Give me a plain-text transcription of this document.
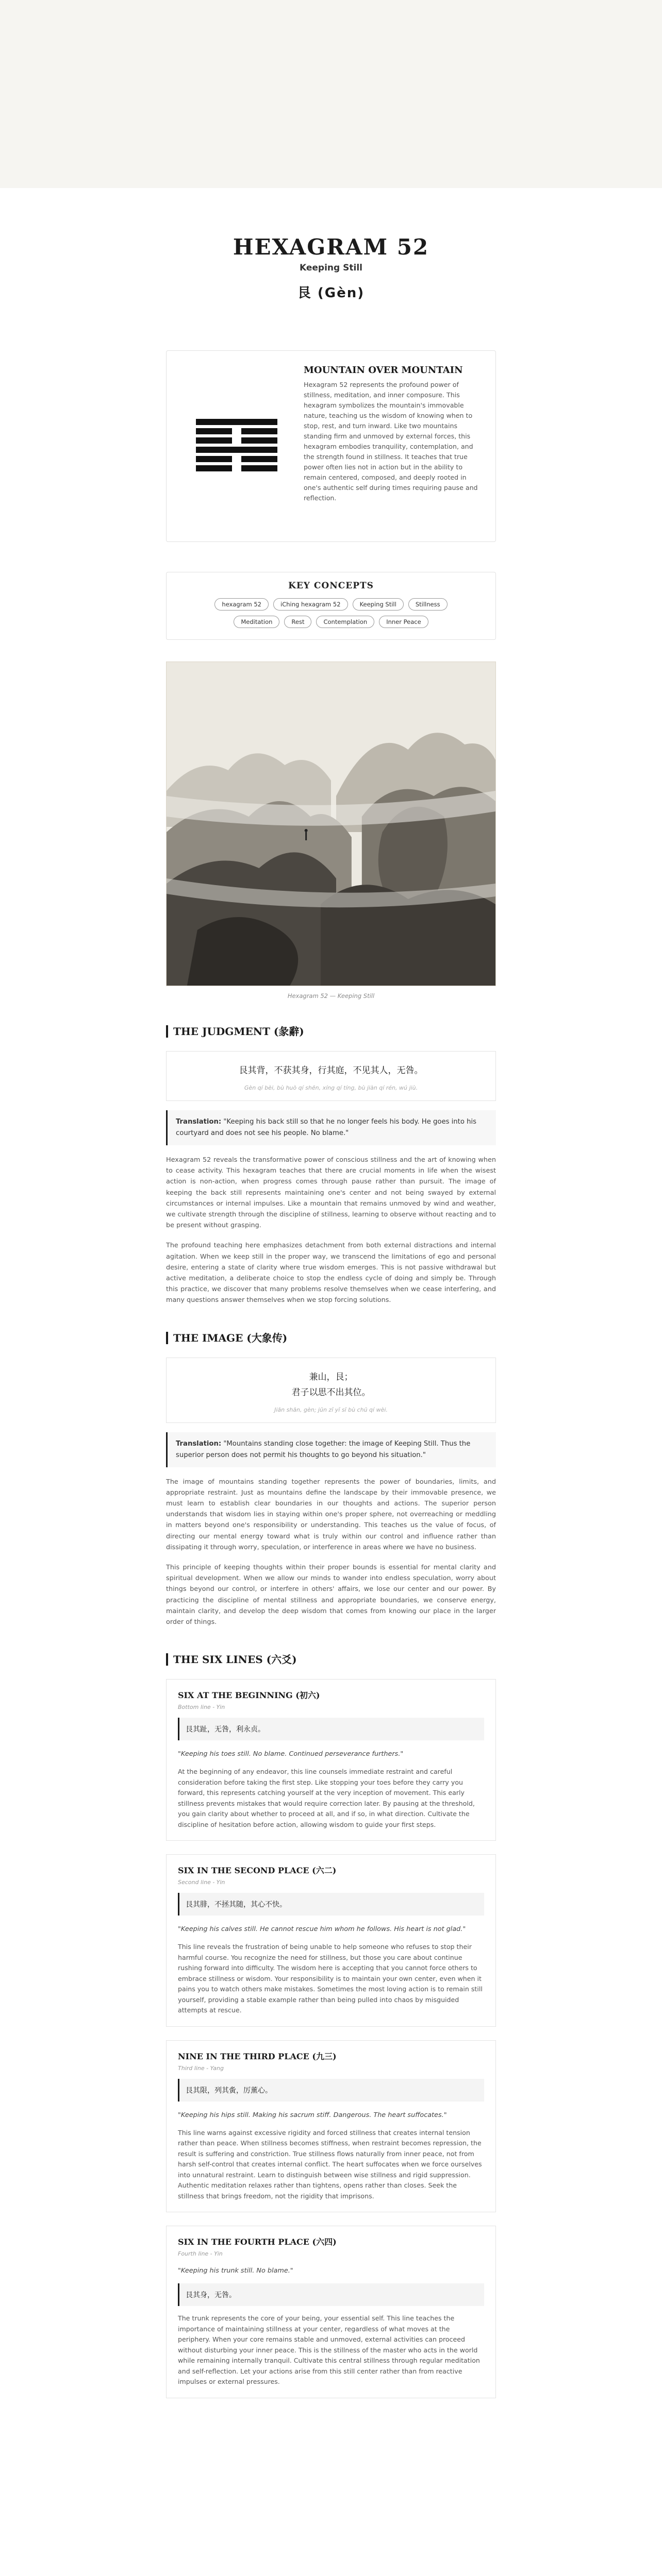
HEXAGRAM 52
Keeping Still
艮 (Gèn)
MOUNTAIN OVER MOUNTAIN
Hexagram 52 represents the profound power of stillness, meditation, and inner composure. This hexagram symbolizes the mountain's immovable nature, teaching us the wisdom of knowing when to stop, rest, and turn inward. Like two mountains standing firm and unmoved by external forces, this hexagram embodies tranquility, contemplation, and the strength found in stillness. It teaches that true power often lies not in action but in the ability to remain centered, composed, and deeply rooted in one's authentic self during times requiring pause and reflection.
KEY CONCEPTS
hexagram 52	iChing hexagram 52	Keeping Still	Stillness
Meditation	Rest	Contemplation	Inner Peace
Hexagram 52 — Keeping Still
THE JUDGMENT (彖辭)
艮其背，不获其身，行其庭，不见其人，无咎。
Gèn qí bèi, bù huò qí shēn, xíng qí tíng, bù jiàn qí rén, wú jiù.
Translation: "Keeping his back still so that he no longer feels his body. He goes into his courtyard and does not see his people. No blame."
Hexagram 52 reveals the transformative power of conscious stillness and the art of knowing when to cease activity. This hexagram teaches that there are crucial moments in life when the wisest action is non-action, when progress comes through pause rather than pursuit. The image of keeping the back still represents maintaining one's center and not being swayed by external circumstances or internal impulses. Like a mountain that remains unmoved by wind and weather, we cultivate strength through the discipline of stillness, learning to observe without reacting and to be present without grasping.
The profound teaching here emphasizes detachment from both external distractions and internal agitation. When we keep still in the proper way, we transcend the limitations of ego and personal desire, entering a state of clarity where true wisdom emerges. This is not passive withdrawal but active meditation, a deliberate choice to stop the endless cycle of doing and simply be. Through this practice, we discover that many problems resolve themselves when we cease interfering, and many questions answer themselves when we stop forcing solutions.
THE IMAGE (大象传)
兼山，艮；
君子以思不出其位。
Jiān shān, gèn; jūn zǐ yǐ sī bù chū qí wèi.
Translation: "Mountains standing close together: the image of Keeping Still. Thus the superior person does not permit his thoughts to go beyond his situation."
The image of mountains standing together represents the power of boundaries, limits, and appropriate restraint. Just as mountains define the landscape by their immovable presence, we must learn to establish clear boundaries in our thoughts and actions. The superior person understands that wisdom lies in staying within one's proper sphere, not overreaching or meddling in matters beyond one's responsibility or understanding. This teaches us the value of focus, of directing our mental energy toward what is truly within our control and influence rather than dissipating it through worry, speculation, or interference in areas where we have no business.
This principle of keeping thoughts within their proper bounds is essential for mental clarity and spiritual development. When we allow our minds to wander into endless speculation, worry about things beyond our control, or interfere in others' affairs, we lose our center and our power. By practicing the discipline of mental stillness and appropriate boundaries, we conserve energy, maintain clarity, and develop the deep wisdom that comes from knowing our place in the larger order of things.
THE SIX LINES (六爻)
SIX AT THE BEGINNING (初六)
Bottom line - Yin
艮其趾，无咎，利永贞。
"Keeping his toes still. No blame. Continued perseverance furthers."
At the beginning of any endeavor, this line counsels immediate restraint and careful consideration before taking the first step. Like stopping your toes before they carry you forward, this represents catching yourself at the very inception of movement. This early stillness prevents mistakes that would require correction later. By pausing at the threshold, you gain clarity about whether to proceed at all, and if so, in what direction. Cultivate the discipline of hesitation before action, allowing wisdom to guide your first steps.
SIX IN THE SECOND PLACE (六二)
Second line - Yin
艮其腓，不拯其随，其心不快。
"Keeping his calves still. He cannot rescue him whom he follows. His heart is not glad."
This line reveals the frustration of being unable to help someone who refuses to stop their harmful course. You recognize the need for stillness, but those you care about continue rushing forward into difficulty. The wisdom here is accepting that you cannot force others to embrace stillness or wisdom. Your responsibility is to maintain your own center, even when it pains you to watch others make mistakes. Sometimes the most loving action is to remain still yourself, providing a stable example rather than being pulled into chaos by misguided attempts at rescue.
NINE IN THE THIRD PLACE (九三)
Third line - Yang
艮其限，列其夤，厉薰心。
"Keeping his hips still. Making his sacrum stiff. Dangerous. The heart suffocates."
This line warns against excessive rigidity and forced stillness that creates internal tension rather than peace. When stillness becomes stiffness, when restraint becomes repression, the result is suffering and constriction. True stillness flows naturally from inner peace, not from harsh self-control that creates internal conflict. The heart suffocates when we force ourselves into unnatural restraint. Learn to distinguish between wise stillness and rigid suppression. Authentic meditation relaxes rather than tightens, opens rather than closes. Seek the stillness that brings freedom, not the rigidity that imprisons.
SIX IN THE FOURTH PLACE (六四)
Fourth line - Yin
"Keeping his trunk still. No blame."
艮其身，无咎。
The trunk represents the core of your being, your essential self. This line teaches the importance of maintaining stillness at your center, regardless of what moves at the periphery. When your core remains stable and unmoved, external activities can proceed without disturbing your inner peace. This is the stillness of the master who acts in the world while remaining internally tranquil. Cultivate this central stillness through regular meditation and self-reflection. Let your actions arise from this still center rather than from reactive impulses or external pressures.
